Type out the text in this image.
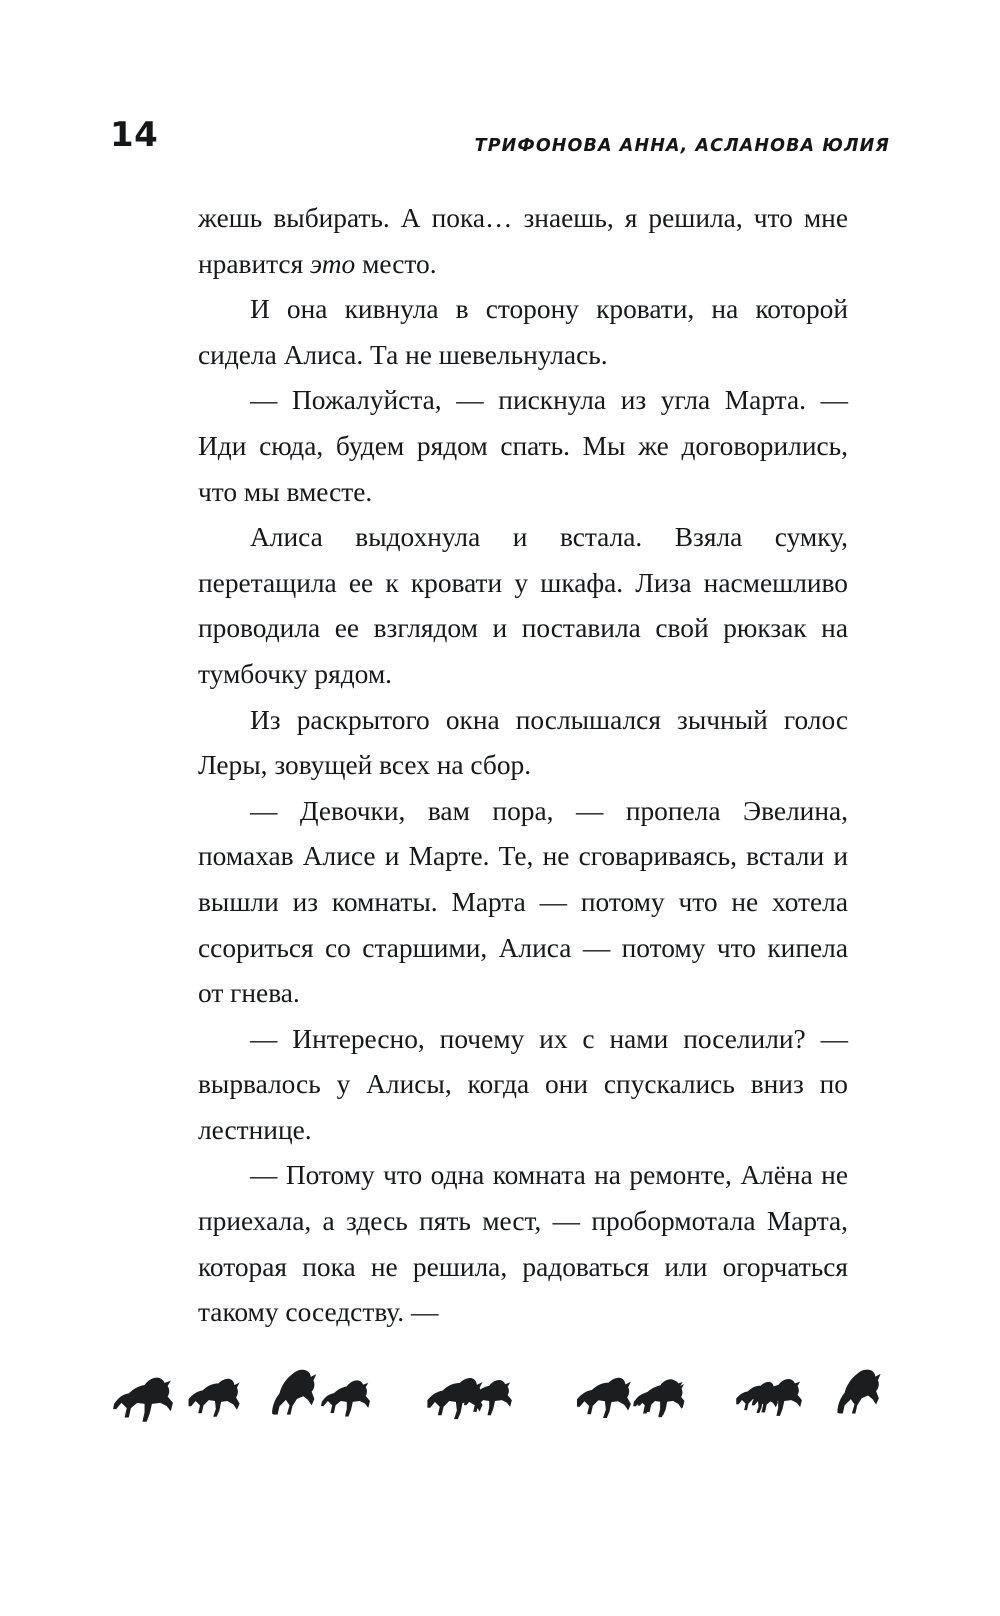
14	ТРИФОНОВА АННА, АСЛАНОВА ЮЛИЯ

жешь выбирать. А пока… знаешь, я решила, что мне нравится это место.

И она кивнула в сторону кровати, на которой сидела Алиса. Та не шевельнулась.

— Пожалуйста, — пискнула из угла Марта. — Иди сюда, будем рядом спать. Мы же договорились, что мы вместе.

Алиса выдохнула и встала. Взяла сумку, перетащила ее к кровати у шкафа. Лиза насмешливо проводила ее взглядом и поставила свой рюкзак на тумбочку рядом.

Из раскрытого окна послышался зычный голос Леры, зовущей всех на сбор.

— Девочки, вам пора, — пропела Эвелина, помахав Алисе и Марте. Те, не сговариваясь, встали и вышли из комнаты. Марта — потому что не хотела ссориться со старшими, Алиса — потому что кипела от гнева.

— Интересно, почему их с нами поселили? — вырвалось у Алисы, когда они спускались вниз по лестнице.

— Потому что одна комната на ремонте, Алёна не приехала, а здесь пять мест, — пробормотала Марта, которая пока не решила, радоваться или огорчаться такому соседству. —
